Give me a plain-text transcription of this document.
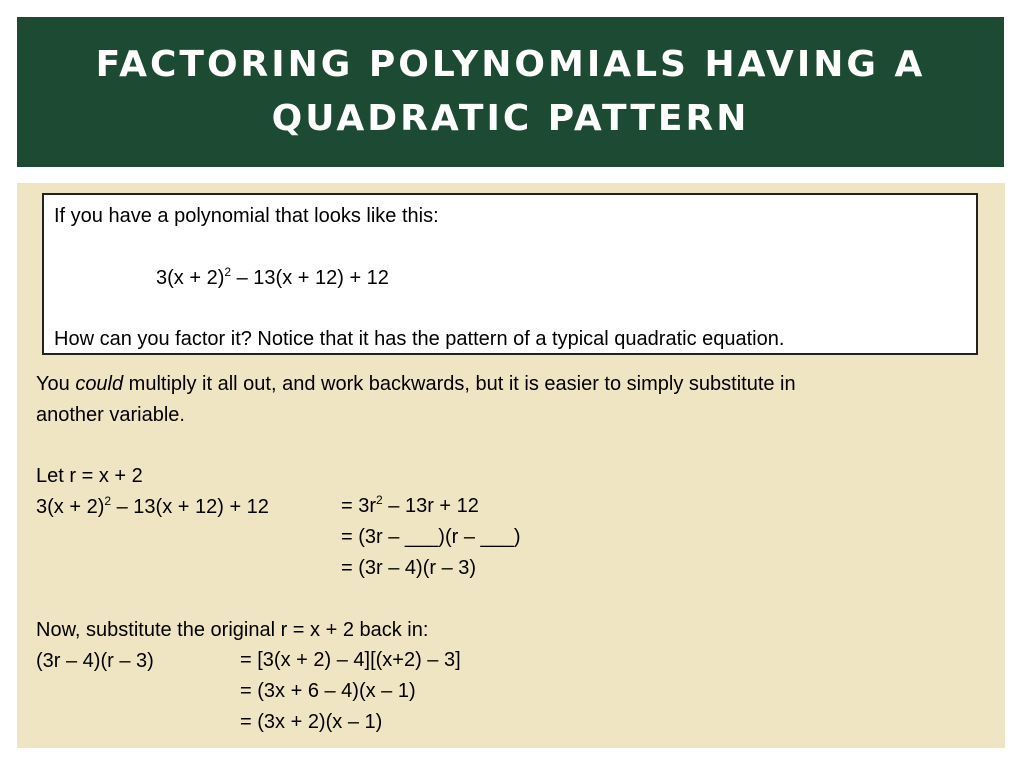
FACTORING POLYNOMIALS HAVING A QUADRATIC PATTERN
If you have a polynomial that looks like this:
$3(x + 2)^2 - 13(x + 12) + 12$
How can you factor it? Notice that it has the pattern of a typical quadratic equation.
You could multiply it all out, and work backwards, but it is easier to simply substitute in
another variable.
Let r = x + 2
$3(x + 2)^2 - 13(x + 12) + 12$	= $3r^2 - 13r + 12$
= (3r – ___)(r – ___)
= (3r – 4)(r – 3)
Now, substitute the original r = x + 2 back in:
(3r – 4)(r – 3)	= [3(x + 2) – 4][(x+2) – 3]
= (3x + 6 – 4)(x – 1)
= (3x + 2)(x – 1)
